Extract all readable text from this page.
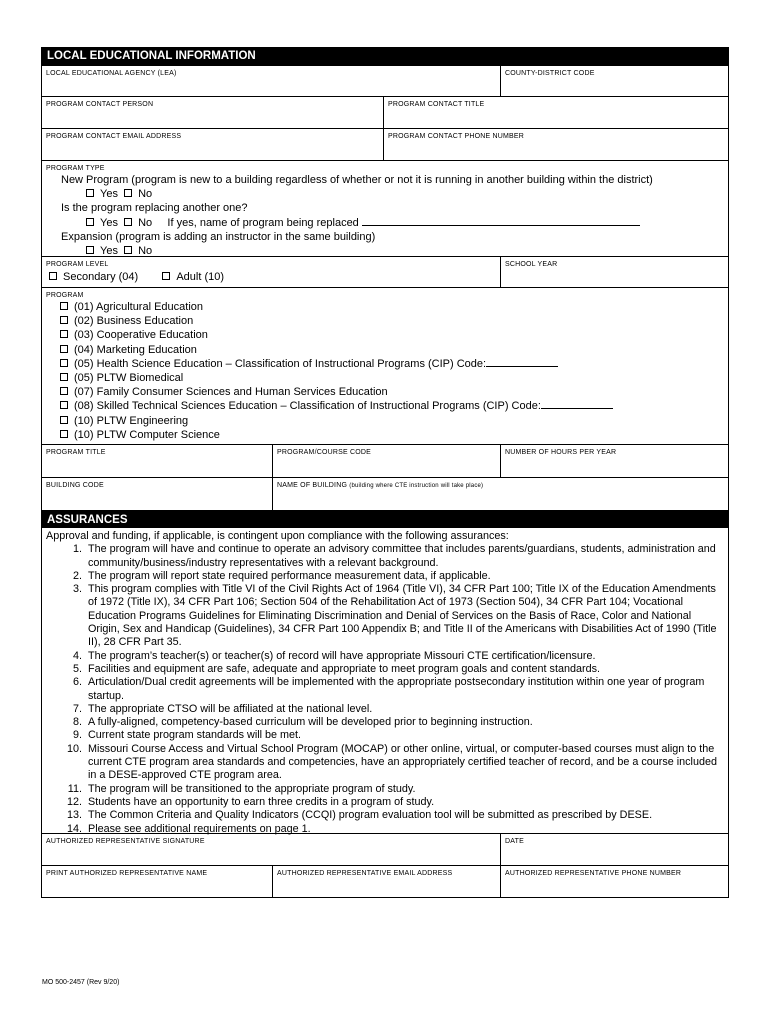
LOCAL EDUCATIONAL INFORMATION
LOCAL EDUCATIONAL AGENCY (LEA)	COUNTY-DISTRICT CODE
PROGRAM CONTACT PERSON	PROGRAM CONTACT TITLE
PROGRAM CONTACT EMAIL ADDRESS	PROGRAM CONTACT PHONE NUMBER
PROGRAM TYPE
New Program (program is new to a building regardless of whether or not it is running in another building within the district)
Yes No
Is the program replacing another one?
Yes No If yes, name of program being replaced
Expansion (program is adding an instructor in the same building)
Yes No
PROGRAM LEVEL
Secondary (04)	Adult (10)
SCHOOL YEAR
PROGRAM
(01) Agricultural Education
(02) Business Education
(03) Cooperative Education
(04) Marketing Education
(05) Health Science Education – Classification of Instructional Programs (CIP) Code:
(05) PLTW Biomedical
(07) Family Consumer Sciences and Human Services Education
(08) Skilled Technical Sciences Education – Classification of Instructional Programs (CIP) Code:
(10) PLTW Engineering
(10) PLTW Computer Science
PROGRAM TITLE	PROGRAM/COURSE CODE	NUMBER OF HOURS PER YEAR
BUILDING CODE	NAME OF BUILDING (building where CTE instruction will take place)
ASSURANCES
Approval and funding, if applicable, is contingent upon compliance with the following assurances:
1. The program will have and continue to operate an advisory committee that includes parents/guardians, students, administration and community/business/industry representatives with a relevant background.
2. The program will report state required performance measurement data, if applicable.
3. This program complies with Title VI of the Civil Rights Act of 1964 (Title VI), 34 CFR Part 100; Title IX of the Education Amendments of 1972 (Title IX), 34 CFR Part 106; Section 504 of the Rehabilitation Act of 1973 (Section 504), 34 CFR Part 104; Vocational Education Programs Guidelines for Eliminating Discrimination and Denial of Services on the Basis of Race, Color and National Origin, Sex and Handicap (Guidelines), 34 CFR Part 100 Appendix B; and Title II of the Americans with Disabilities Act of 1990 (Title II), 28 CFR Part 35.
4. The program’s teacher(s) or teacher(s) of record will have appropriate Missouri CTE certification/licensure.
5. Facilities and equipment are safe, adequate and appropriate to meet program goals and content standards.
6. Articulation/Dual credit agreements will be implemented with the appropriate postsecondary institution within one year of program startup.
7. The appropriate CTSO will be affiliated at the national level.
8. A fully-aligned, competency-based curriculum will be developed prior to beginning instruction.
9. Current state program standards will be met.
10. Missouri Course Access and Virtual School Program (MOCAP) or other online, virtual, or computer-based courses must align to the current CTE program area standards and competencies, have an appropriately certified teacher of record, and be a course included in a DESE-approved CTE program area.
11. The program will be transitioned to the appropriate program of study.
12. Students have an opportunity to earn three credits in a program of study.
13. The Common Criteria and Quality Indicators (CCQI) program evaluation tool will be submitted as prescribed by DESE.
14. Please see additional requirements on page 1.
AUTHORIZED REPRESENTATIVE SIGNATURE	DATE
PRINT AUTHORIZED REPRESENTATIVE NAME	AUTHORIZED REPRESENTATIVE EMAIL ADDRESS	AUTHORIZED REPRESENTATIVE PHONE NUMBER
MO 500-2457 (Rev 9/20)
